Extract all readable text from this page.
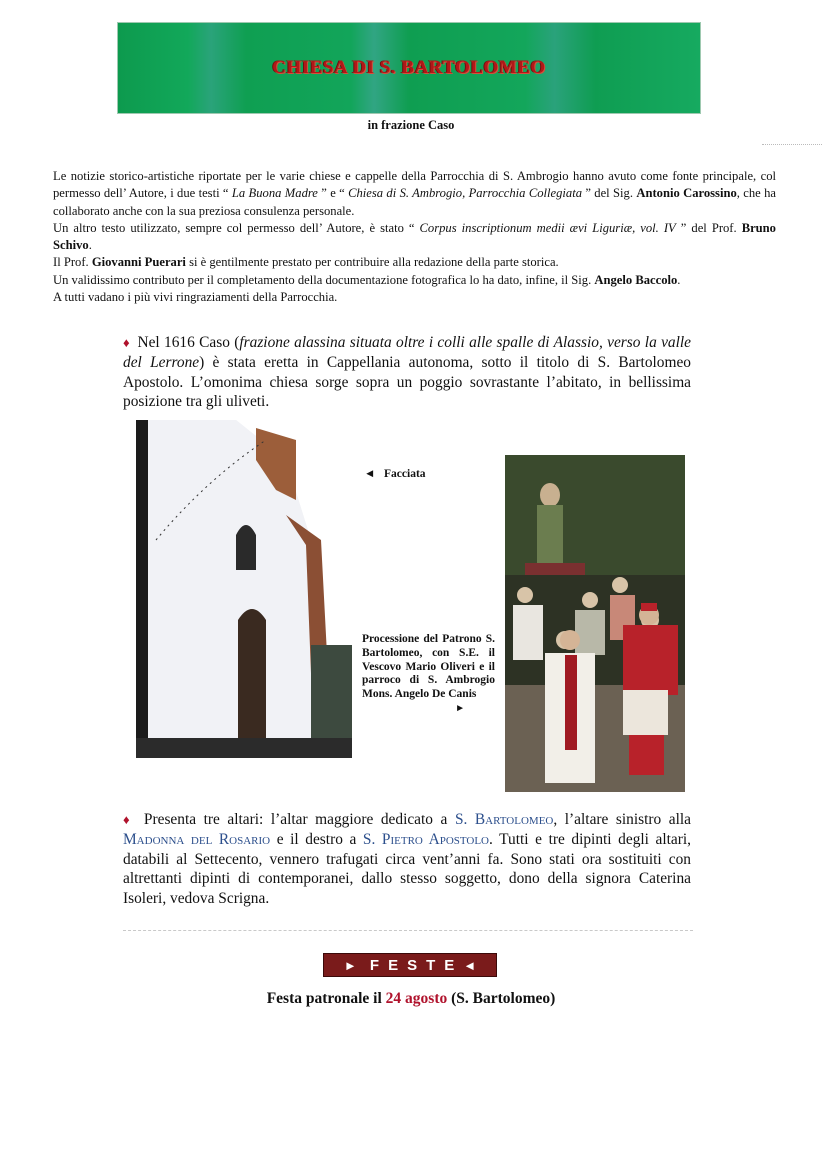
CHIESA DI S. BARTOLOMEO
in frazione Caso

Le notizie storico-artistiche riportate per le varie chiese e cappelle della Parrocchia di S. Ambrogio hanno avuto come fonte principale, col permesso dell’ Autore, i due testi “ La Buona Madre ” e “ Chiesa di S. Ambrogio, Parrocchia Collegiata ” del Sig. Antonio Carossino, che ha collaborato anche con la sua preziosa consulenza personale.

Un altro testo utilizzato, sempre col permesso dell’ Autore, è stato “ Corpus inscriptionum medii ævi Liguriæ, vol. IV ” del Prof. Bruno Schivo.

Il Prof. Giovanni Puerari si è gentilmente prestato per contribuire alla redazione della parte storica.

Un validissimo contributo per il completamento della documentazione fotografica lo ha dato, infine, il Sig. Angelo Baccolo.

A tutti vadano i più vivi ringraziamenti della Parrocchia.

♦ Nel 1616 Caso (frazione alassina situata oltre i colli alle spalle di Alassio, verso la valle del Lerrone) è stata eretta in Cappellania autonoma, sotto il titolo di S. Bartolomeo Apostolo. L’omonima chiesa sorge sopra un poggio sovrastante l’abitato, in bellissima posizione tra gli uliveti.
◄ Facciata
Processione del Patrono S. Bartolomeo, con S.E. il Vescovo Mario Oliveri e il parroco di S. Ambrogio Mons. Angelo De Canis
►
♦ Presenta tre altari: l’altar maggiore dedicato a S. Bartolomeo, l’altare sinistro alla Madonna del Rosario e il destro a S. Pietro Apostolo. Tutti e tre dipinti degli altari, databili al Settecento, vennero trafugati circa vent’anni fa. Sono stati ora sostituiti con altrettanti dipinti di contemporanei, dallo stesso soggetto, dono della signora Caterina Isoleri, vedova Scrigna.
►
FESTE ◄
Festa patronale il 24 agosto (S. Bartolomeo)
